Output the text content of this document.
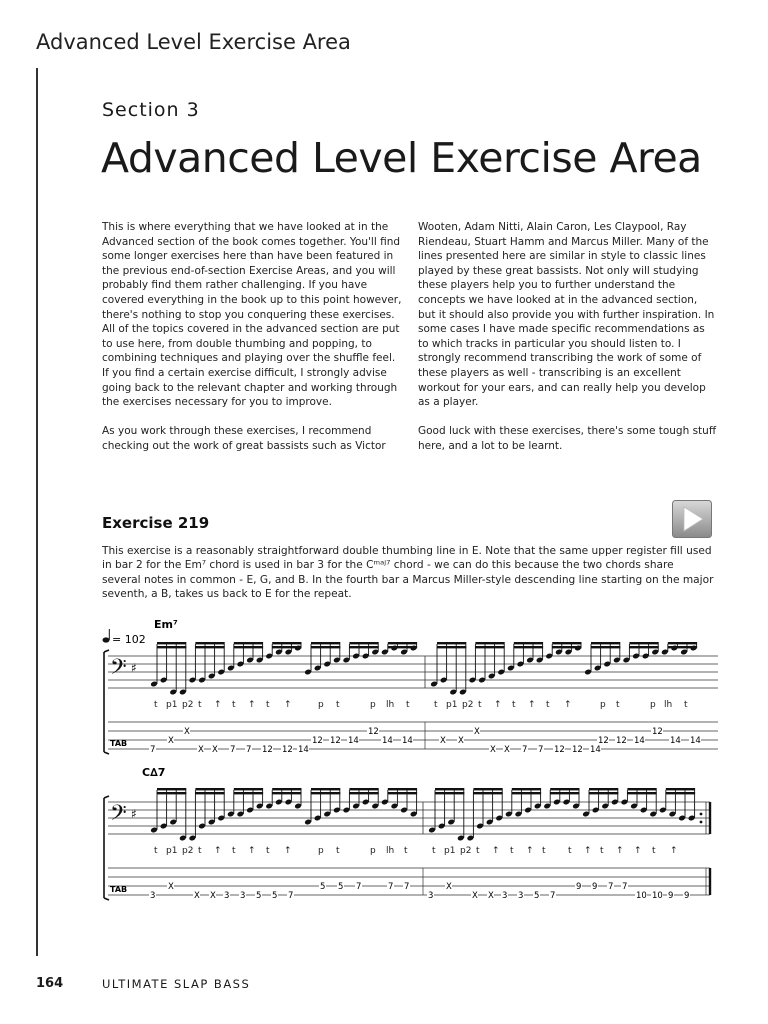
Advanced Level Exercise Area
Section 3
Advanced Level Exercise Area

This is where everything that we have looked at in the Advanced section of the book comes together. You'll find some longer exercises here than have been featured in the previous end-of-section Exercise Areas, and you will probably find them rather challenging. If you have covered everything in the book up to this point however, there's nothing to stop you conquering these exercises. All of the topics covered in the advanced section are put to use here, from double thumbing and popping, to combining techniques and playing over the shuffle feel. If you find a certain exercise difficult, I strongly advise going back to the relevant chapter and working through the exercises necessary for you to improve.

As you work through these exercises, I recommend checking out the work of great bassists such as Victor

Wooten, Adam Nitti, Alain Caron, Les Claypool, Ray Riendeau, Stuart Hamm and Marcus Miller. Many of the lines presented here are similar in style to classic lines played by these great bassists. Not only will studying these players help you to further understand the concepts we have looked at in the advanced section, but it should also provide you with further inspiration. In some cases I have made specific recommendations as to which tracks in particular you should listen to. I strongly recommend transcribing the work of some of these players as well - transcribing is an excellent workout for your ears, and can really help you develop as a player.

Good luck with these exercises, there's some tough stuff here, and a lot to be learnt.

Exercise 219
This exercise is a reasonably straightforward double thumbing line in E. Note that the same upper register fill used in bar 2 for the Em⁷ chord is used in bar 3 for the Cᵐᵃʲ⁷ chord - we can do this because the two chords share several notes in common - E, G, and B. In the fourth bar a Marcus Miller-style descending line starting on the major seventh, a B, takes us back to E for the repeat.
Em⁷
= 102
𝄢 ♯
t p1 p2 t ↑ t ↑ t ↑	p t	p lh t	t p1 p2 t ↑ t ↑ t ↑	p t	p lh t
TAB
C∆7
𝄢 ♯
t p1 p2 t ↑ t ↑ t ↑	p t	p lh t	t p1 p2 t ↑ t ↑ t t ↑ t ↑ ↑ t ↑
TAB
7
X
X
X X 7 7 12 12 14
12 12 14
12
14 14	X X
X
X X 7 7 12 12 14
12 12 14
12
14 14
3
X
X X 3 3 5 5 7
5 5 7	7 7
3
X
X X 3 3 5 7
9 9 7 7
10 10 9 9
164	ULTIMATE SLAP BASS
